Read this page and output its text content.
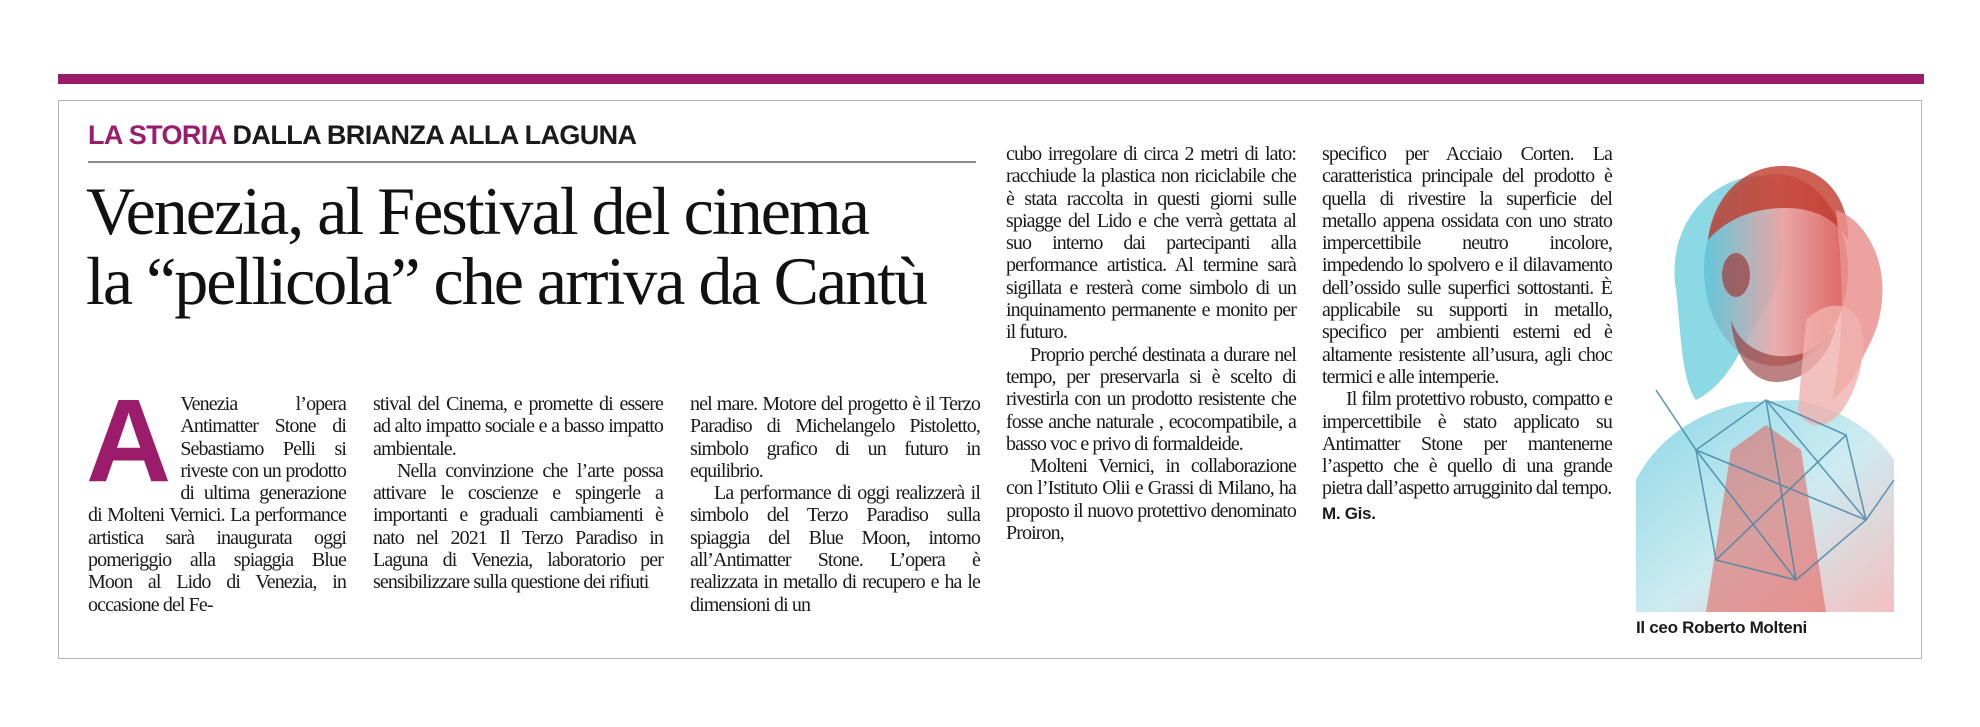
LA STORIA DALLA BRIANZA ALLA LAGUNA
Venezia, al Festival del cinema
la “pellicola” che arriva da Cantù

A Venezia l’opera Antimatter Stone di Sebastiamo Pelli si riveste con un prodotto di ultima generazione di Molteni Vernici. La performance artistica sarà inaugurata oggi pomeriggio alla spiaggia Blue Moon al Lido di Venezia, in occasione del Fe-

stival del Cinema, e promette di essere ad alto impatto sociale e a basso impatto ambientale.

Nella convinzione che l’arte possa attivare le coscienze e spingerle a importanti e graduali cambiamenti è nato nel 2021 Il Terzo Paradiso in Laguna di Venezia, laboratorio per sensibilizzare sulla questione dei rifiuti

nel mare. Motore del progetto è il Terzo Paradiso di Michelangelo Pistoletto, simbolo grafico di un futuro in equilibrio.

La performance di oggi realizzerà il simbolo del Terzo Paradiso sulla spiaggia del Blue Moon, intorno all’Antimatter Stone. L’opera è realizzata in metallo di recupero e ha le dimensioni di un

cubo irregolare di circa 2 metri di lato: racchiude la plastica non riciclabile che è stata raccolta in questi giorni sulle spiagge del Lido e che verrà gettata al suo interno dai partecipanti alla performance artistica. Al termine sarà sigillata e resterà come simbolo di un inquinamento permanente e monito per il futuro.

Proprio perché destinata a durare nel tempo, per preservarla si è scelto di rivestirla con un prodotto resistente che fosse anche naturale , ecocompatibile, a basso voc e privo di formaldeide.

Molteni Vernici, in collaborazione con l’Istituto Olii e Grassi di Milano, ha proposto il nuovo protettivo denominato Proiron,

specifico per Acciaio Corten. La caratteristica principale del prodotto è quella di rivestire la superficie del metallo appena ossidata con uno strato impercettibile neutro incolore, impedendo lo spolvero e il dilavamento dell’ossido sulle superfici sottostanti. È applicabile su supporti in metallo, specifico per ambienti esterni ed è altamente resistente all’usura, agli choc termici e alle intemperie.

Il film protettivo robusto, compatto e impercettibile è stato applicato su Antimatter Stone per mantenerne l’aspetto che è quello di una grande pietra dall’aspetto arrugginito dal tempo.

M. Gis.
Il ceo Roberto Molteni
